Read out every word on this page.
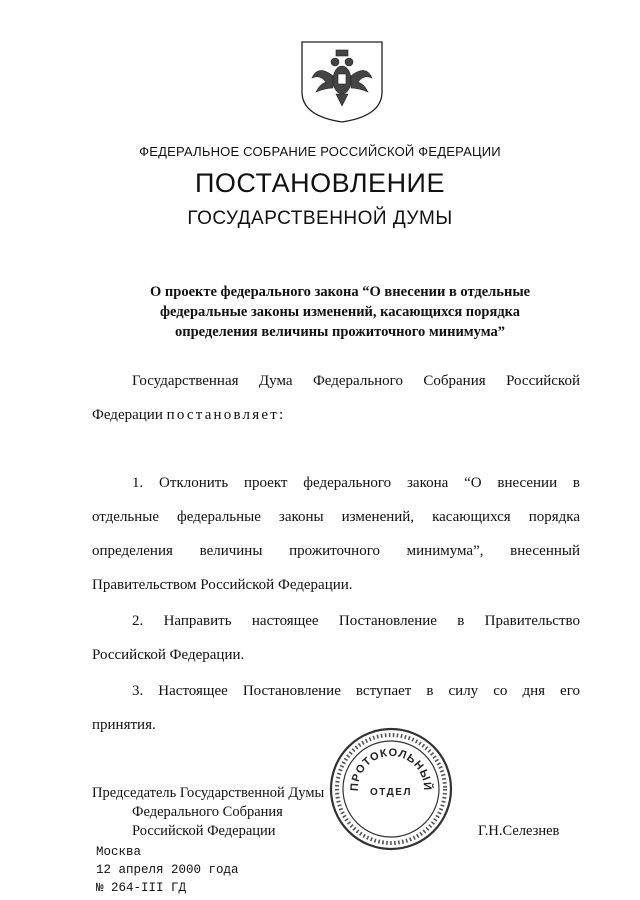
ФЕДЕРАЛЬНОЕ СОБРАНИЕ РОССИЙСКОЙ ФЕДЕРАЦИИ
ПОСТАНОВЛЕНИЕ
ГОСУДАРСТВЕННОЙ ДУМЫ
О проекте федерального закона “О внесении в отдельные
федеральные законы изменений, касающихся порядка
определения величины прожиточного минимума”
Государственная Дума Федерального Собрания Российской
Федерации постановляет:
1. Отклонить проект федерального закона “О внесении в
отдельные федеральные законы изменений, касающихся порядка
определения величины прожиточного минимума”, внесенный
Правительством Российской Федерации.
2. Направить настоящее Постановление в Правительство
Российской Федерации.
3. Настоящее Постановление вступает в силу со дня его
принятия.
ПРОТОКОЛЬНЫЙ
ОТДЕЛ
Председатель Государственной Думы
Федерального Собрания
Российской Федерации	Г.Н.Селезнев
Москва
12 апреля 2000 года
№ 264-III ГД
